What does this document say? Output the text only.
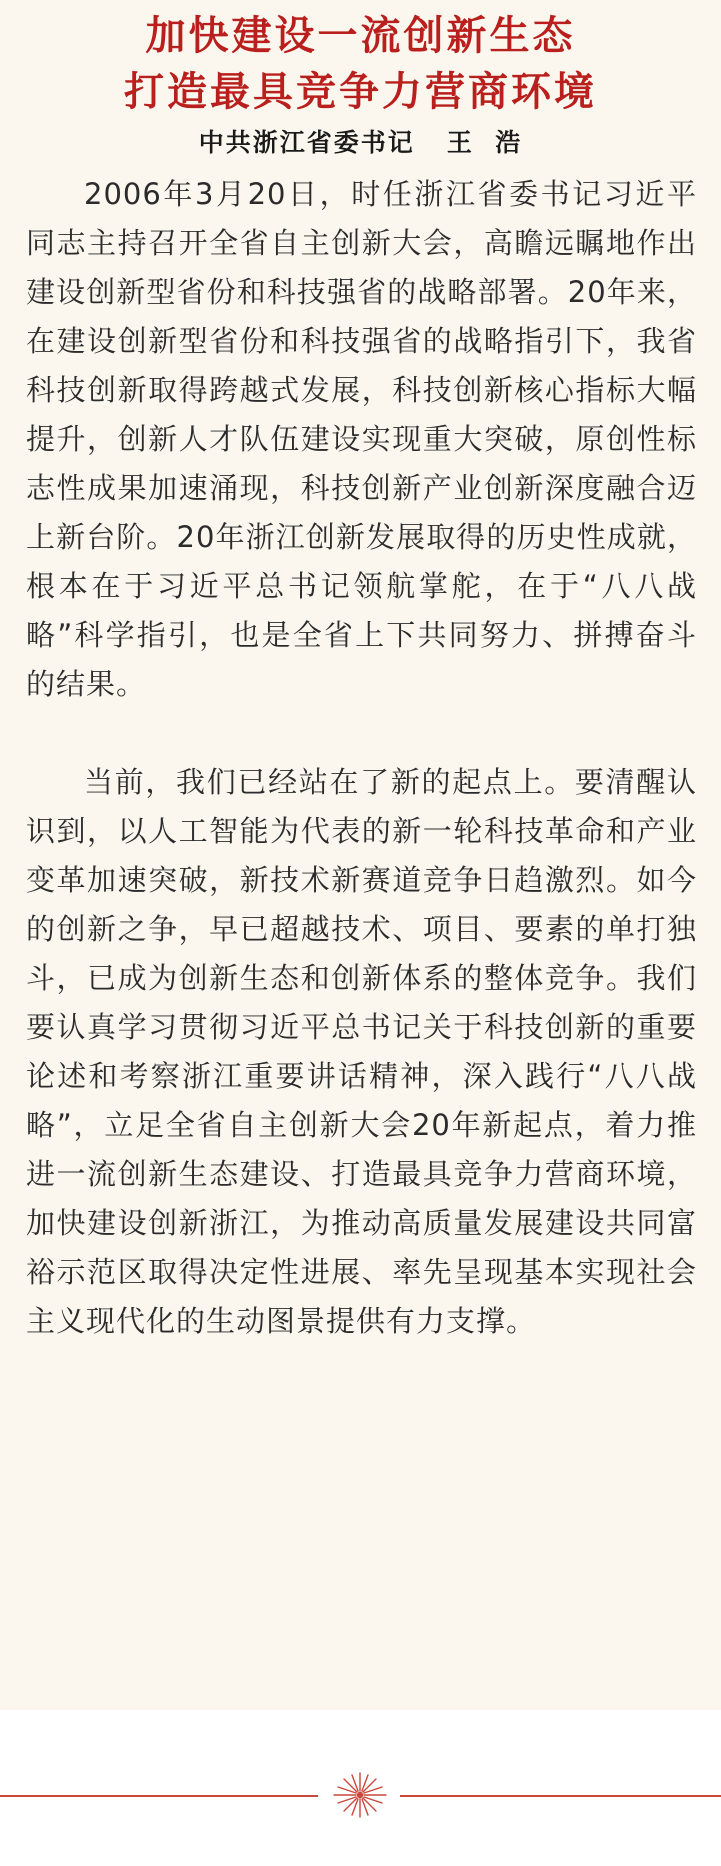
加快建设一流创新生态
打造最具竞争力营商环境
中共浙江省委书记   王  浩

2006年3月20日，时任浙江省委书记习近平同志主持召开全省自主创新大会，高瞻远瞩地作出建设创新型省份和科技强省的战略部署。20年来，在建设创新型省份和科技强省的战略指引下，我省科技创新取得跨越式发展，科技创新核心指标大幅提升，创新人才队伍建设实现重大突破，原创性标志性成果加速涌现，科技创新产业创新深度融合迈上新台阶。20年浙江创新发展取得的历史性成就，根本在于习近平总书记领航掌舵，在于“八八战略”科学指引，也是全省上下共同努力、拼搏奋斗的结果。

当前，我们已经站在了新的起点上。要清醒认识到，以人工智能为代表的新一轮科技革命和产业变革加速突破，新技术新赛道竞争日趋激烈。如今的创新之争，早已超越技术、项目、要素的单打独斗，已成为创新生态和创新体系的整体竞争。我们要认真学习贯彻习近平总书记关于科技创新的重要论述和考察浙江重要讲话精神，深入践行“八八战略”，立足全省自主创新大会20年新起点，着力推进一流创新生态建设、打造最具竞争力营商环境，加快建设创新浙江，为推动高质量发展建设共同富裕示范区取得决定性进展、率先呈现基本实现社会主义现代化的生动图景提供有力支撑。
